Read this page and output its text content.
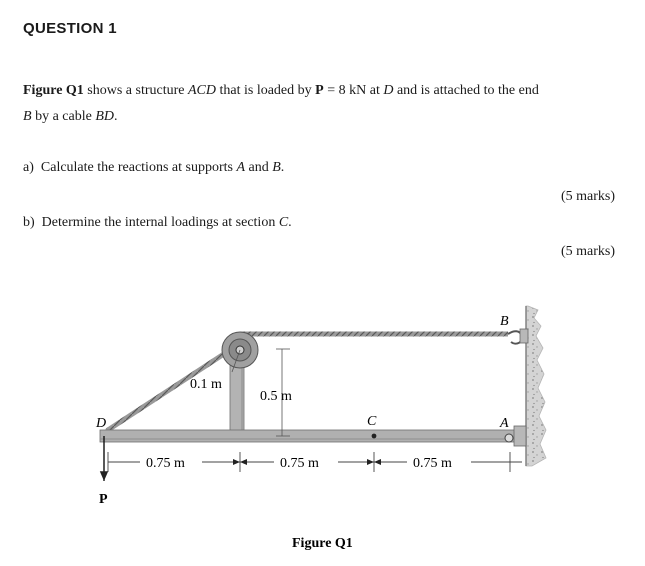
QUESTION 1
Figure Q1 shows a structure ACD that is loaded by P = 8 kN at D and is attached to the end
B by a cable BD.
a) Calculate the reactions at supports A and B.
(5 marks)
b) Determine the internal loadings at section C.
(5 marks)
B
A
C
D
P
0.1 m
0.5 m
0.75 m	0.75 m	0.75 m
Figure Q1
